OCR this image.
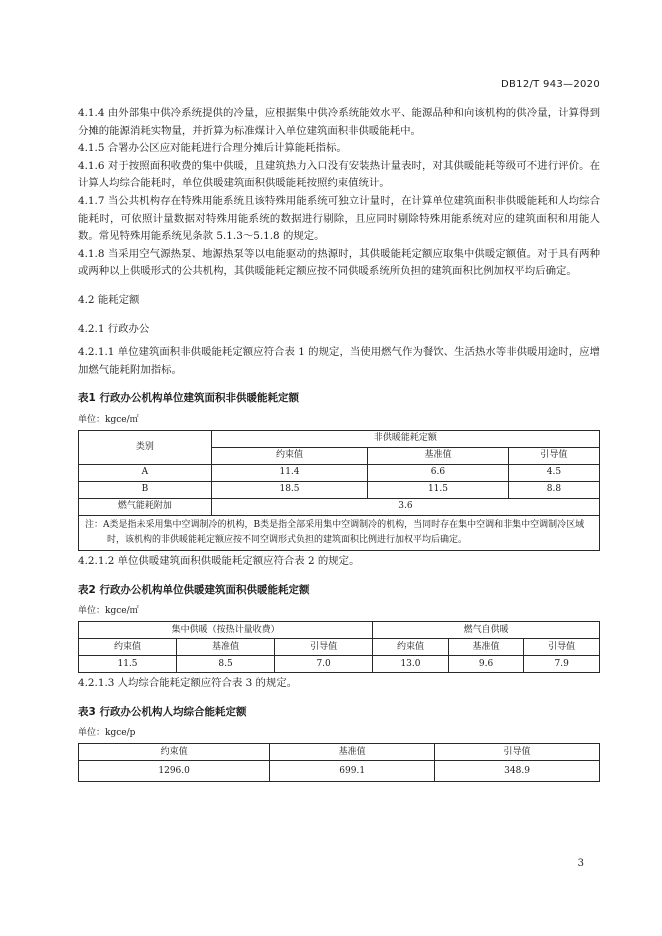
DB12/T 943—2020

4.1.4 由外部集中供冷系统提供的冷量，应根据集中供冷系统能效水平、能源品种和向该机构的供冷量，计算得到分摊的能源消耗实物量，并折算为标准煤计入单位建筑面积非供暖能耗中。

4.1.5 合署办公区应对能耗进行合理分摊后计算能耗指标。

4.1.6 对于按照面积收费的集中供暖，且建筑热力入口没有安装热计量表时，对其供暖能耗等级可不进行评价。在计算人均综合能耗时，单位供暖建筑面积供暖能耗按照约束值统计。

4.1.7 当公共机构存在特殊用能系统且该特殊用能系统可独立计量时，在计算单位建筑面积非供暖能耗和人均综合能耗时，可依照计量数据对特殊用能系统的数据进行剔除，且应同时剔除特殊用能系统对应的建筑面积和用能人数。常见特殊用能系统见条款 5.1.3～5.1.8 的规定。

4.1.8 当采用空气源热泵、地源热泵等以电能驱动的热源时，其供暖能耗定额应取集中供暖定额值。对于具有两种或两种以上供暖形式的公共机构，其供暖能耗定额应按不同供暖系统所负担的建筑面积比例加权平均后确定。

4.2 能耗定额

4.2.1 行政办公

4.2.1.1 单位建筑面积非供暖能耗定额应符合表 1 的规定，当使用燃气作为餐饮、生活热水等非供暖用途时，应增加燃气能耗附加指标。

表1 行政办公机构单位建筑面积非供暖能耗定额

单位：kgce/㎡

类别	非供暖能耗定额		
	约束值	基准值	引导值
A	11.4	6.6	4.5
B	18.5	11.5	8.8
燃气能耗附加	3.6		

注：A类是指未采用集中空调制冷的机构，B类是指全部采用集中空调制冷的机构，当同时存在集中空调和非集中空调制冷区域时，该机构的非供暖能耗定额应按不同空调形式负担的建筑面积比例进行加权平均后确定。			

4.2.1.2 单位供暖建筑面积供暖能耗定额应符合表 2 的规定。

表2 行政办公机构单位供暖建筑面积供暖能耗定额

单位：kgce/㎡

集中供暖（按热计量收费）			燃气自供暖		
约束值	基准值	引导值	约束值	基准值	引导值
11.5	8.5	7.0	13.0	9.6	7.9

4.2.1.3 人均综合能耗定额应符合表 3 的规定。

表3 行政办公机构人均综合能耗定额

单位：kgce/p

约束值	基准值	引导值
1296.0	699.1	348.9
3
